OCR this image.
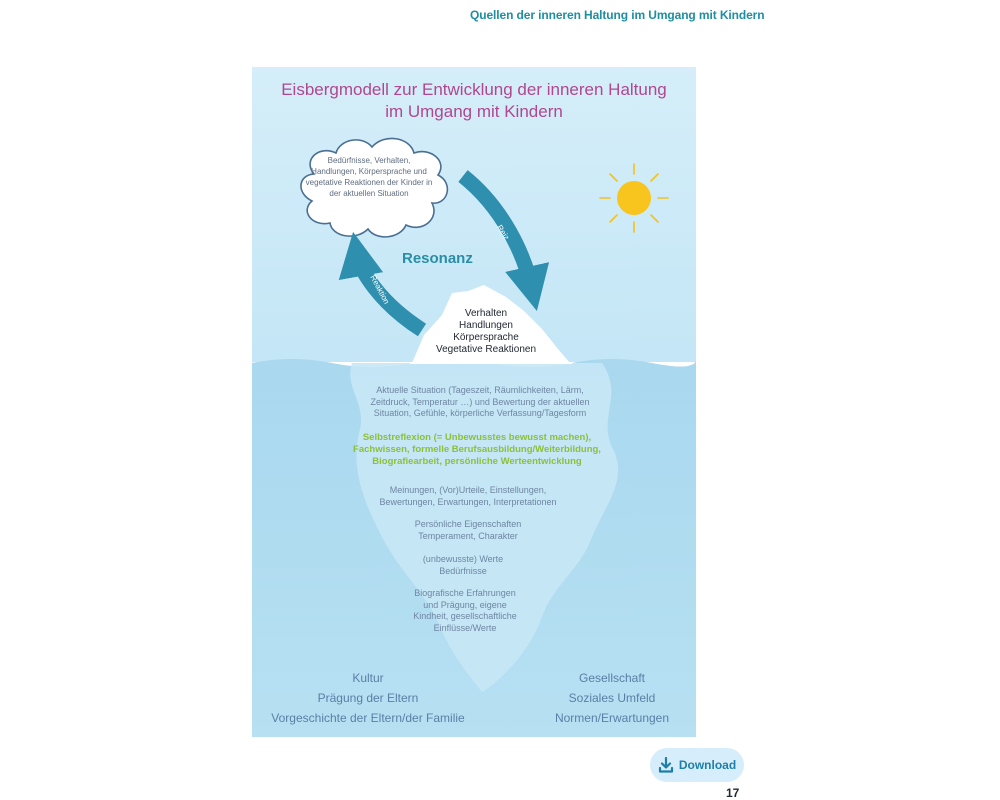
Quellen der inneren Haltung im Umgang mit Kindern
Eisbergmodell zur Entwicklung der inneren Haltung
im Umgang mit Kindern
Bedürfnisse, Verhalten, Handlungen, Körpersprache und vegetative Reaktionen der Kinder in der aktuellen Situation
Resonanz
Reiz
Reaktion
Verhalten
Handlungen
Körpersprache
Vegetative Reaktionen
Aktuelle Situation (Tageszeit, Räumlichkeiten, Lärm, Zeitdruck, Temperatur …) und Bewertung der aktuellen Situation, Gefühle, körperliche Verfassung/Tagesform
Selbstreflexion (= Unbewusstes bewusst machen),
Fachwissen, formelle Berufsausbildung/Weiterbildung,
Biografiearbeit, persönliche Werteentwicklung
Meinungen, (Vor)Urteile, Einstellungen, Bewertungen, Erwartungen, Interpretationen
Persönliche Eigenschaften Temperament, Charakter
(unbewusste) Werte Bedürfnisse
Biografische Erfahrungen und Prägung, eigene Kindheit, gesellschaftliche Einflüsse/Werte
Kultur
Prägung der Eltern
Vorgeschichte der Eltern/der Familie
Gesellschaft
Soziales Umfeld
Normen/Erwartungen
Download
17
